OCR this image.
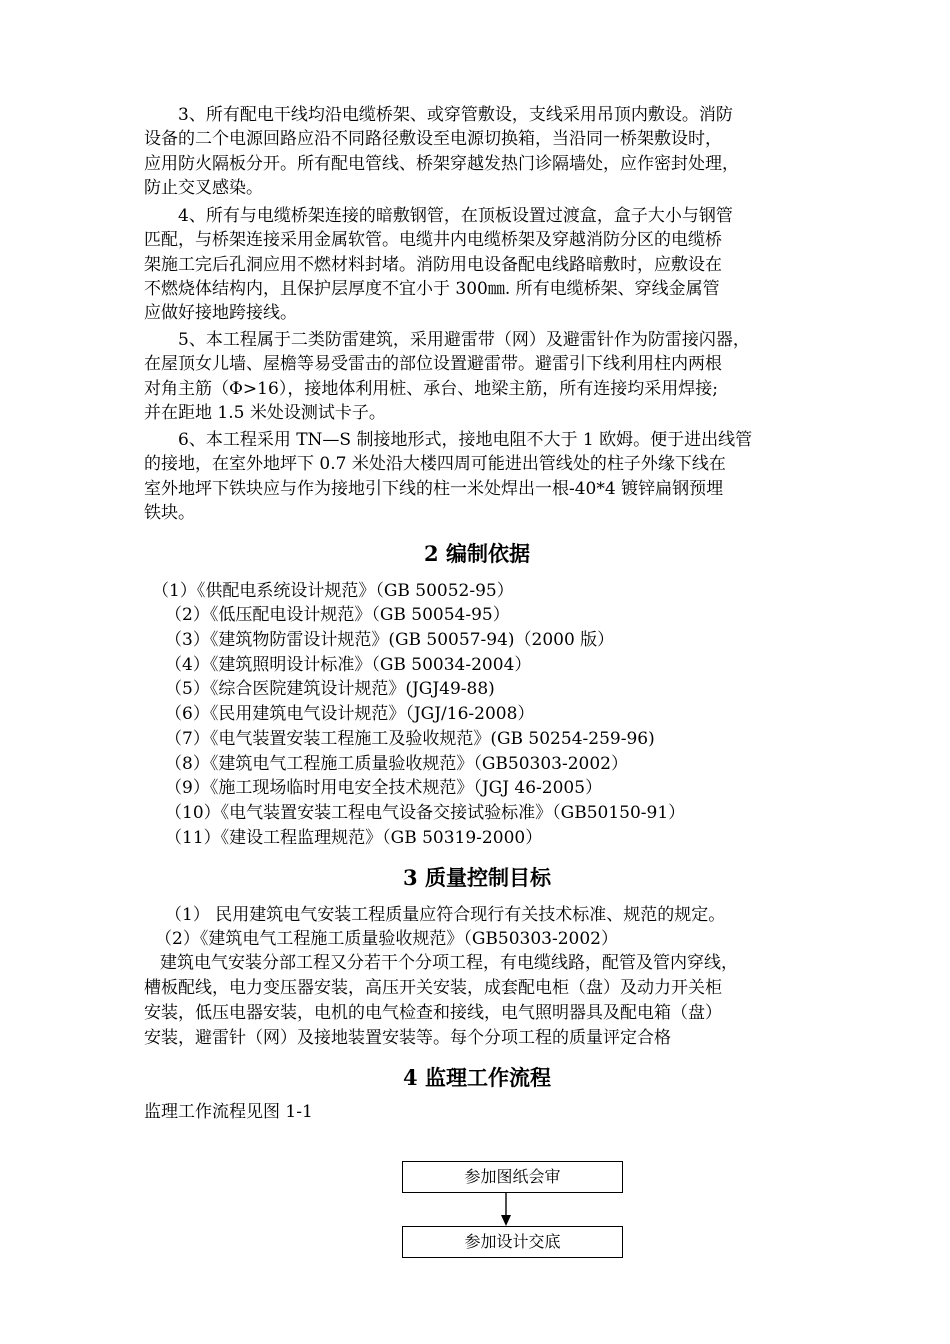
3、所有配电干线均沿电缆桥架、或穿管敷设，支线采用吊顶内敷设。消防
设备的二个电源回路应沿不同路径敷设至电源切换箱，当沿同一桥架敷设时，
应用防火隔板分开。所有配电管线、桥架穿越发热门诊隔墙处，应作密封处理，
防止交叉感染。
4、所有与电缆桥架连接的暗敷钢管，在顶板设置过渡盒，盒子大小与钢管
匹配，与桥架连接采用金属软管。电缆井内电缆桥架及穿越消防分区的电缆桥
架施工完后孔洞应用不燃材料封堵。消防用电设备配电线路暗敷时，应敷设在
不燃烧体结构内，且保护层厚度不宜小于 300㎜. 所有电缆桥架、穿线金属管
应做好接地跨接线。
5、本工程属于二类防雷建筑，采用避雷带（网）及避雷针作为防雷接闪器，
在屋顶女儿墙、屋檐等易受雷击的部位设置避雷带。避雷引下线利用柱内两根
对角主筋（Φ>16），接地体利用桩、承台、地梁主筋，所有连接均采用焊接;
并在距地 1.5 米处设测试卡子。
6、本工程采用 TN—S 制接地形式，接地电阻不大于 1 欧姆。便于进出线管
的接地，在室外地坪下 0.7 米处沿大楼四周可能进出管线处的柱子外缘下线在
室外地坪下铁块应与作为接地引下线的柱一米处焊出一根-40*4 镀锌扁钢预埋
铁块。
2 编制依据
（1）《供配电系统设计规范》（GB 50052-95）
（2）《低压配电设计规范》（GB 50054-95）
（3）《建筑物防雷设计规范》(GB 50057-94)（2000 版）
（4）《建筑照明设计标准》（GB 50034-2004）
（5）《综合医院建筑设计规范》(JGJ49-88)
（6）《民用建筑电气设计规范》（JGJ/16-2008）
（7）《电气装置安装工程施工及验收规范》(GB 50254-259-96)
（8）《建筑电气工程施工质量验收规范》（GB50303-2002）
（9）《施工现场临时用电安全技术规范》（JGJ 46-2005）
（10）《电气装置安装工程电气设备交接试验标准》（GB50150-91）
（11）《建设工程监理规范》（GB 50319-2000）
3 质量控制目标
（1） 民用建筑电气安装工程质量应符合现行有关技术标准、规范的规定。
（2）《建筑电气工程施工质量验收规范》（GB50303-2002）
建筑电气安装分部工程又分若干个分项工程，有电缆线路，配管及管内穿线，
槽板配线，电力变压器安装，高压开关安装，成套配电柜（盘）及动力开关柜
安装，低压电器安装，电机的电气检查和接线，电气照明器具及配电箱（盘）
安装，避雷针（网）及接地装置安装等。每个分项工程的质量评定合格
4 监理工作流程
监理工作流程见图 1-1
参加图纸会审
参加设计交底
